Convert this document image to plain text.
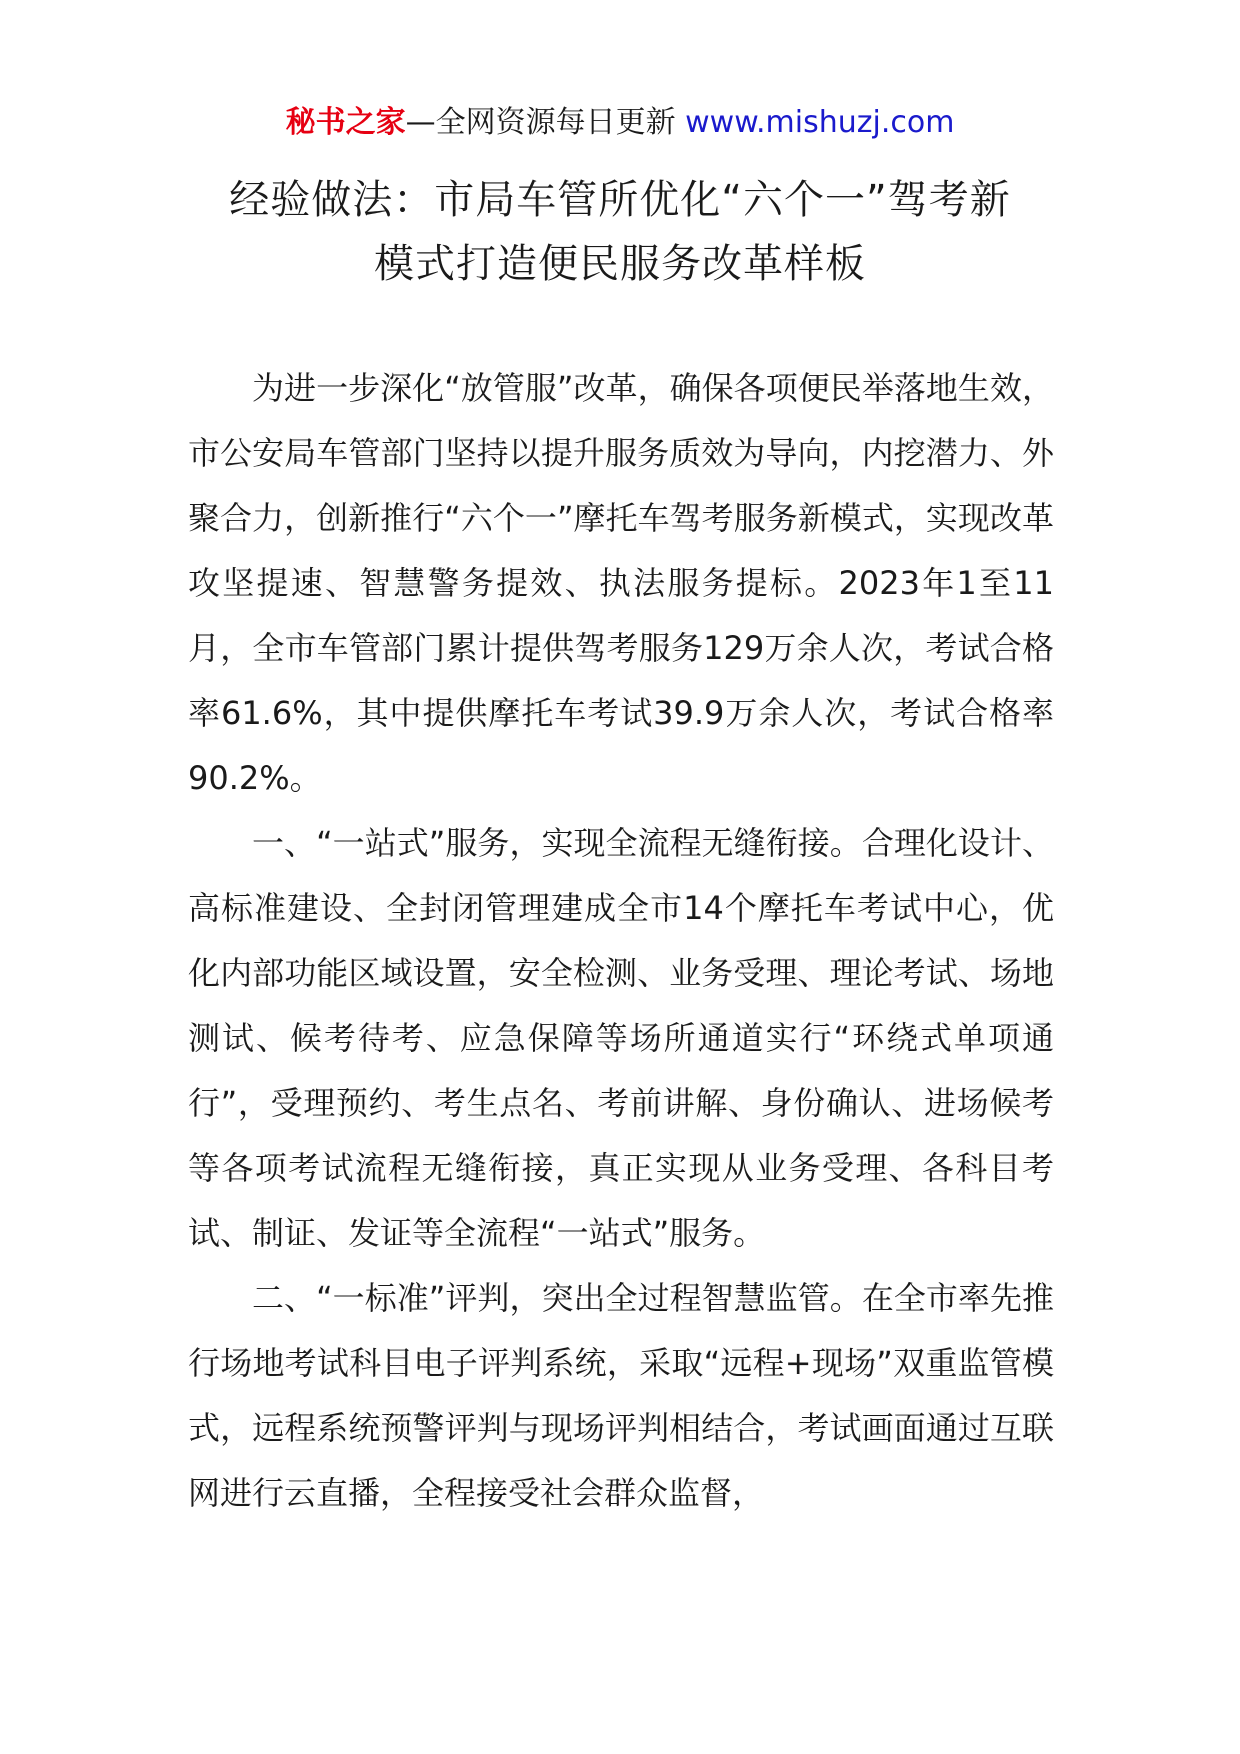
秘书之家—全网资源每日更新 www.mishuzj.com
经验做法：市局车管所优化“六个一”驾考新
模式打造便民服务改革样板

为进一步深化“放管服”改革，确保各项便民举落地生效，市公安局车管部门坚持以提升服务质效为导向，内挖潜力、外聚合力，创新推行“六个一”摩托车驾考服务新模式，实现改革攻坚提速、智慧警务提效、执法服务提标。2023年1至11月，全市车管部门累计提供驾考服务129万余人次，考试合格率61.6%，其中提供摩托车考试39.9万余人次，考试合格率90.2%。

一、“一站式”服务，实现全流程无缝衔接。合理化设计、高标准建设、全封闭管理建成全市14个摩托车考试中心，优化内部功能区域设置，安全检测、业务受理、理论考试、场地测试、候考待考、应急保障等场所通道实行“环绕式单项通行”，受理预约、考生点名、考前讲解、身份确认、进场候考等各项考试流程无缝衔接，真正实现从业务受理、各科目考试、制证、发证等全流程“一站式”服务。

二、“一标准”评判，突出全过程智慧监管。在全市率先推行场地考试科目电子评判系统，采取“远程+现场”双重监管模式，远程系统预警评判与现场评判相结合，考试画面通过互联网进行云直播，全程接受社会群众监督，
